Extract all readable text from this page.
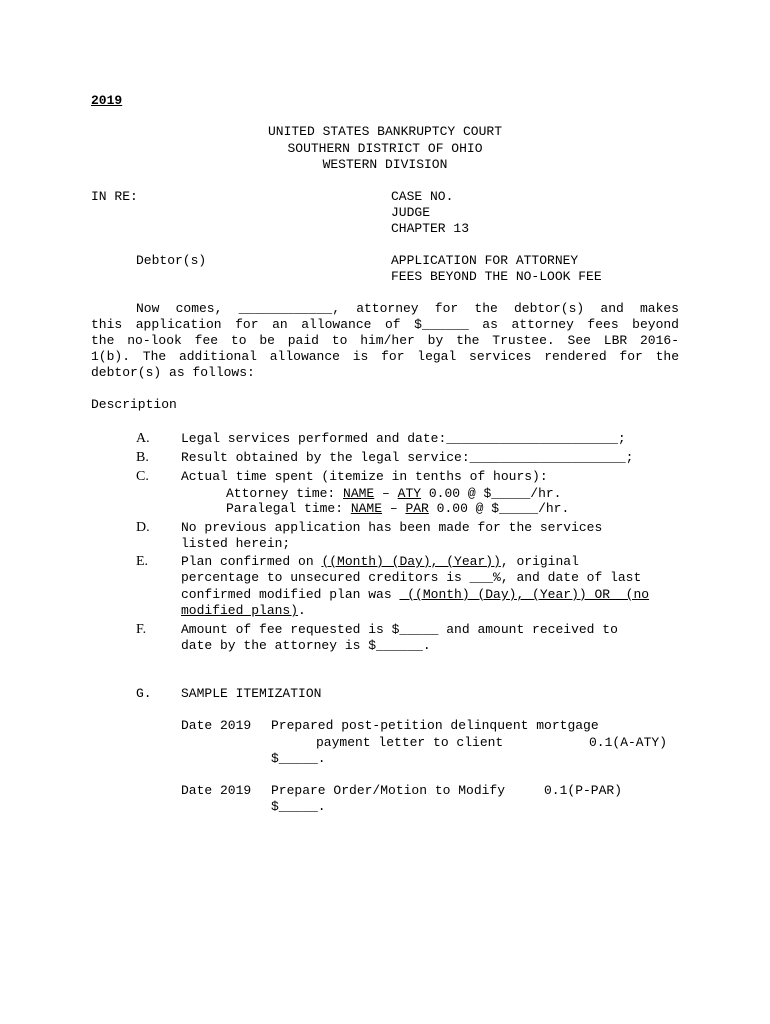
2019
UNITED STATES BANKRUPTCY COURT
SOUTHERN DISTRICT OF OHIO
WESTERN DIVISION
IN RE:	CASE NO.
JUDGE
CHAPTER 13
Debtor(s)	APPLICATION FOR ATTORNEY
FEES BEYOND THE NO-LOOK FEE
Now comes, ____________, attorney for the debtor(s) and makes
this application for an allowance of $______ as attorney fees beyond
the no-look fee to be paid to him/her by the Trustee. See LBR 2016-
1(b). The additional allowance is for legal services rendered for the
debtor(s) as follows:
Description
A. Legal services performed and date:______________________;
B. Result obtained by the legal service:____________________;
C. Actual time spent (itemize in tenths of hours):
Attorney time: NAME – ATY 0.00 @ $_____/hr.
Paralegal time: NAME – PAR 0.00 @ $_____/hr.
D. No previous application has been made for the services
listed herein;
E.	Plan confirmed on ((Month) (Day), (Year)), original
percentage to unsecured creditors is ___%, and date of last
confirmed modified plan was  ((Month) (Day), (Year)) OR  (no
modified plans).
F.	Amount of fee requested is $_____ and amount received to
date by the attorney is $______.
G. SAMPLE ITEMIZATION
Date 2019 Prepared post-petition delinquent mortgage
payment letter to client	0.1(A-ATY)
$_____.
Date 2019 Prepare Order/Motion to Modify	0.1(P-PAR)
$_____.
